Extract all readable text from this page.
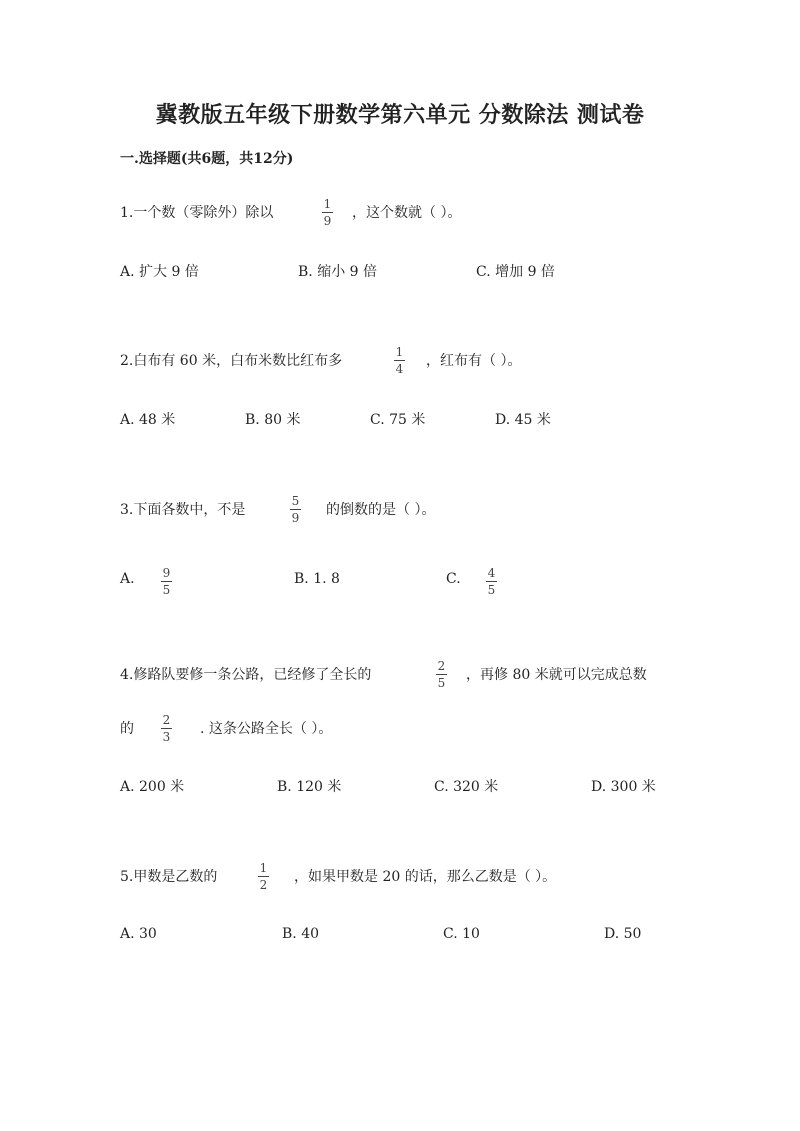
冀教版五年级下册数学第六单元 分数除法 测试卷
一.选择题(共6题，共12分)
1.一个数（零除外）除以
1
9 ，这个数就（ ）。
A. 扩大 9 倍	B. 缩小 9 倍	C. 增加 9 倍
2.白布有 60 米，白布米数比红布多
1
4 ，红布有（ ）。
A. 48 米	B. 80 米	C. 75 米	D. 45 米
3.下面各数中，不是
5
9 的倒数的是（ ）。
A. 9
5
B. 1. 8	C. 4
5
4.修路队要修一条公路，已经修了全长的
2
5 ，再修 80 米就可以完成总数
的
2
3 . 这条公路全长（ ）。
A. 200 米	B. 120 米	C. 320 米	D. 300 米
5.甲数是乙数的
1
2 ，如果甲数是 20 的话，那么乙数是（ ）。
A. 30	B. 40	C. 10	D. 50
